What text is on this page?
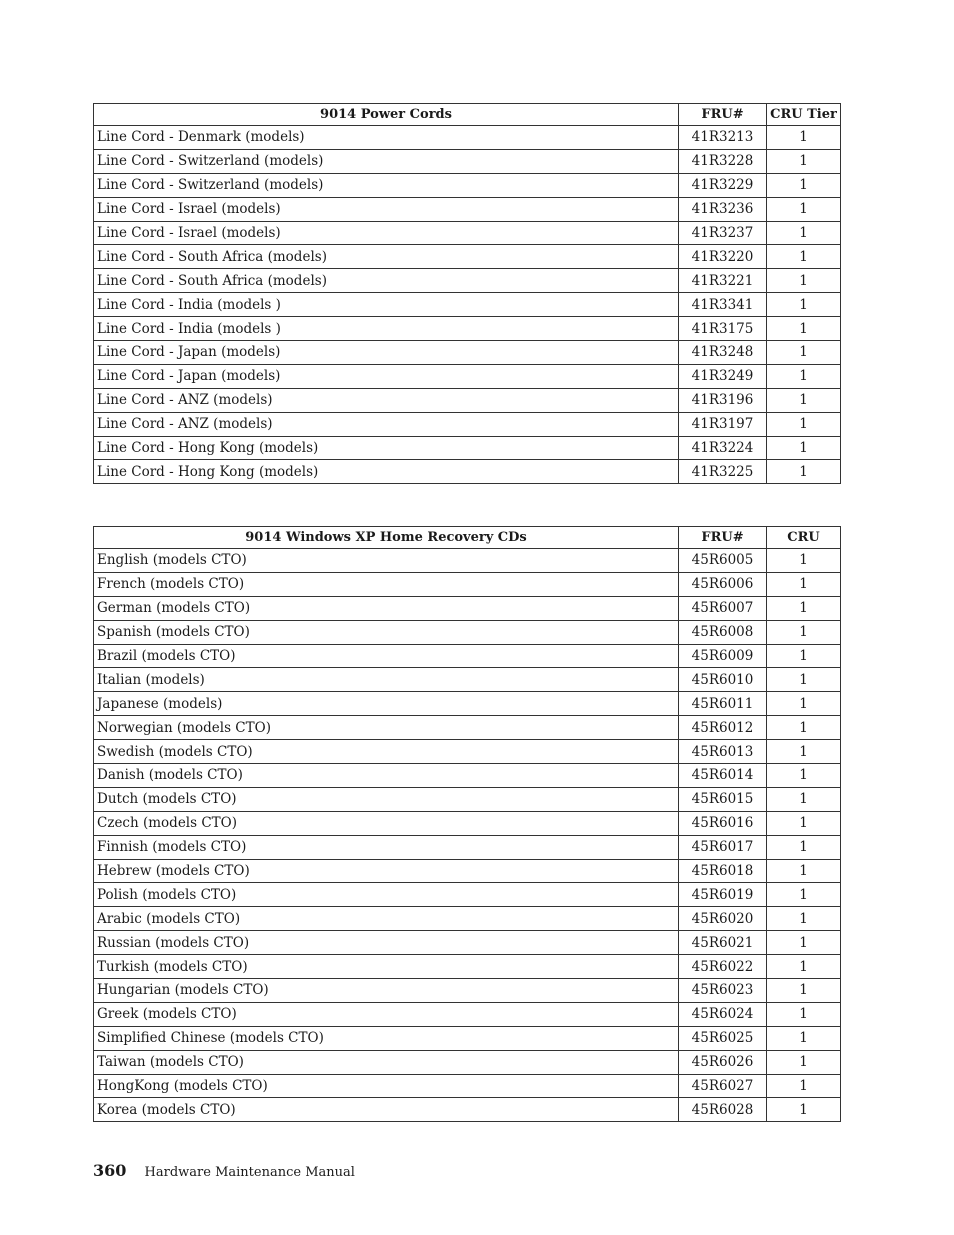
9014 Power Cords	FRU#	CRU Tier
Line Cord - Denmark (models)	41R3213	1
Line Cord - Switzerland (models)	41R3228	1
Line Cord - Switzerland (models)	41R3229	1
Line Cord - Israel (models)	41R3236	1
Line Cord - Israel (models)	41R3237	1
Line Cord - South Africa (models)	41R3220	1
Line Cord - South Africa (models)	41R3221	1
Line Cord - India (models )	41R3341	1
Line Cord - India (models )	41R3175	1
Line Cord - Japan (models)	41R3248	1
Line Cord - Japan (models)	41R3249	1
Line Cord - ANZ (models)	41R3196	1
Line Cord - ANZ (models)	41R3197	1
Line Cord - Hong Kong (models)	41R3224	1
Line Cord - Hong Kong (models)	41R3225	1
9014 Windows XP Home Recovery CDs	FRU#	CRU
English (models CTO)	45R6005	1
French (models CTO)	45R6006	1
German (models CTO)	45R6007	1
Spanish (models CTO)	45R6008	1
Brazil (models CTO)	45R6009	1
Italian (models)	45R6010	1
Japanese (models)	45R6011	1
Norwegian (models CTO)	45R6012	1
Swedish (models CTO)	45R6013	1
Danish (models CTO)	45R6014	1
Dutch (models CTO)	45R6015	1
Czech (models CTO)	45R6016	1
Finnish (models CTO)	45R6017	1
Hebrew (models CTO)	45R6018	1
Polish (models CTO)	45R6019	1
Arabic (models CTO)	45R6020	1
Russian (models CTO)	45R6021	1
Turkish (models CTO)	45R6022	1
Hungarian (models CTO)	45R6023	1
Greek (models CTO)	45R6024	1
Simplified Chinese (models CTO)	45R6025	1
Taiwan (models CTO)	45R6026	1
HongKong (models CTO)	45R6027	1
Korea (models CTO)	45R6028	1
360 Hardware Maintenance Manual
